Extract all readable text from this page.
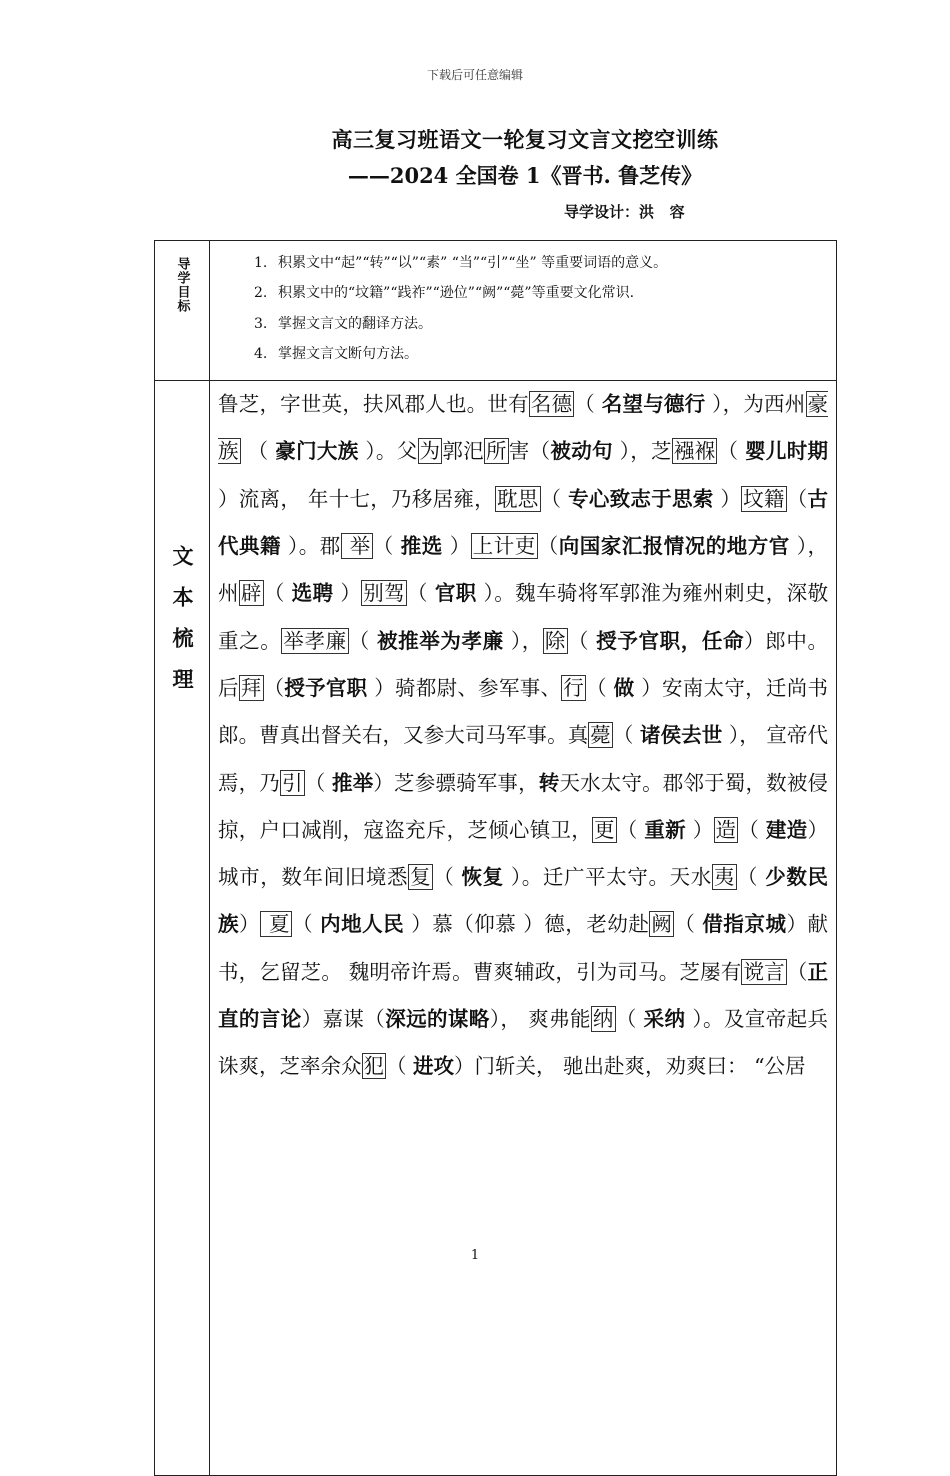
下载后可任意编辑
高三复习班语文一轮复习文言文挖空训练
——2024 全国卷 1《晋书. 鲁芝传》
导学设计：洪   容
导学目标	1. 积累文中“起”“转”“以”“素” “当”“引”“坐” 等重要词语的意义。
2. 积累文中的“坟籍”“践祚”“逊位”“阙”“薨”等重要文化常识.
3. 掌握文言文的翻译方法。
4. 掌握文言文断句方法。

文本梳理	鲁芝，字世英，扶风郡人也。世有名德（ 名望与德行 ），为西州豪族 （ 豪门大族 ）。父为郭汜所害（被动句 ），芝襁褓（ 婴儿时期 ）流离， 年十七，乃移居雍，耽思（ 专心致志于思索 ）坟籍（古代典籍 ）。郡 举（ 推选 ）上计吏（向国家汇报情况的地方官 ），州辟（ 选聘 ）别驾（ 官职 ）。魏车骑将军郭淮为雍州刺史，深敬重之。举孝廉（ 被推举为孝廉 ），除（ 授予官职，任命）郎中。后拜（授予官职 ）骑都尉、参军事、行（ 做 ）安南太守，迁尚书郎。曹真出督关右，又参大司马军事。真薨（ 诸侯去世 ）， 宣帝代焉，乃引（ 推举）芝参骠骑军事，转天水太守。郡邻于蜀，数被侵掠，户口减削，寇盗充斥，芝倾心镇卫，更（ 重新 ）造（ 建造） 城市，数年间旧境悉复（ 恢复 ）。迁广平太守。天水夷（ 少数民族） 夏（ 内地人民 ）慕（仰慕 ）德，老幼赴阙（ 借指京城）献书，乞留芝。 魏明帝许焉。曹爽辅政，引为司马。芝屡有谠言（正直的言论）嘉谋（深远的谋略）， 爽弗能纳（ 采纳 ）。及宣帝起兵诛爽，芝率余众犯（ 进攻）门斩关， 驰出赴爽，劝爽曰： “公居
1
